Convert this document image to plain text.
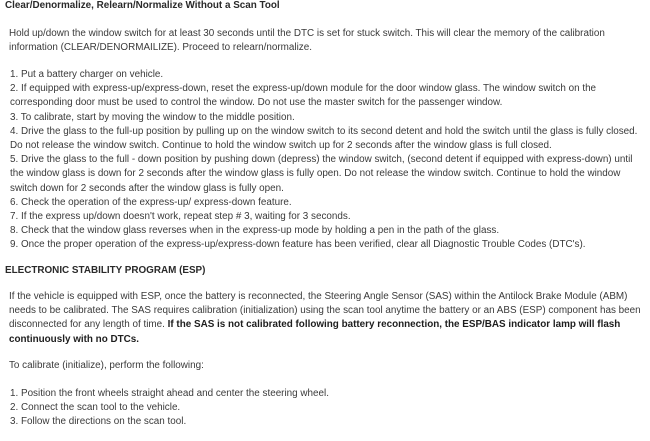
Clear/Denormalize, Relearn/Normalize Without a Scan Tool
Hold up/down the window switch for at least 30 seconds until the DTC is set for stuck switch. This will clear the memory of the calibration information (CLEAR/DENORMAILIZE). Proceed to relearn/normalize.
1. Put a battery charger on vehicle.
2. If equipped with express-up/express-down, reset the express-up/down module for the door window glass. The window switch on the corresponding door must be used to control the window. Do not use the master switch for the passenger window.
3. To calibrate, start by moving the window to the middle position.
4. Drive the glass to the full-up position by pulling up on the window switch to its second detent and hold the switch until the glass is fully closed. Do not release the window switch. Continue to hold the window switch up for 2 seconds after the window glass is full closed.
5. Drive the glass to the full - down position by pushing down (depress) the window switch, (second detent if equipped with express-down) until the window glass is down for 2 seconds after the window glass is fully open. Do not release the window switch. Continue to hold the window switch down for 2 seconds after the window glass is fully open.
6. Check the operation of the express-up/ express-down feature.
7. If the express up/down doesn't work, repeat step # 3, waiting for 3 seconds.
8. Check that the window glass reverses when in the express-up mode by holding a pen in the path of the glass.
9. Once the proper operation of the express-up/express-down feature has been verified, clear all Diagnostic Trouble Codes (DTC's).
ELECTRONIC STABILITY PROGRAM (ESP)
If the vehicle is equipped with ESP, once the battery is reconnected, the Steering Angle Sensor (SAS) within the Antilock Brake Module (ABM) needs to be calibrated. The SAS requires calibration (initialization) using the scan tool anytime the battery or an ABS (ESP) component has been disconnected for any length of time. If the SAS is not calibrated following battery reconnection, the ESP/BAS indicator lamp will flash continuously with no DTCs.
To calibrate (initialize), perform the following:
1. Position the front wheels straight ahead and center the steering wheel.
2. Connect the scan tool to the vehicle.
3. Follow the directions on the scan tool.
